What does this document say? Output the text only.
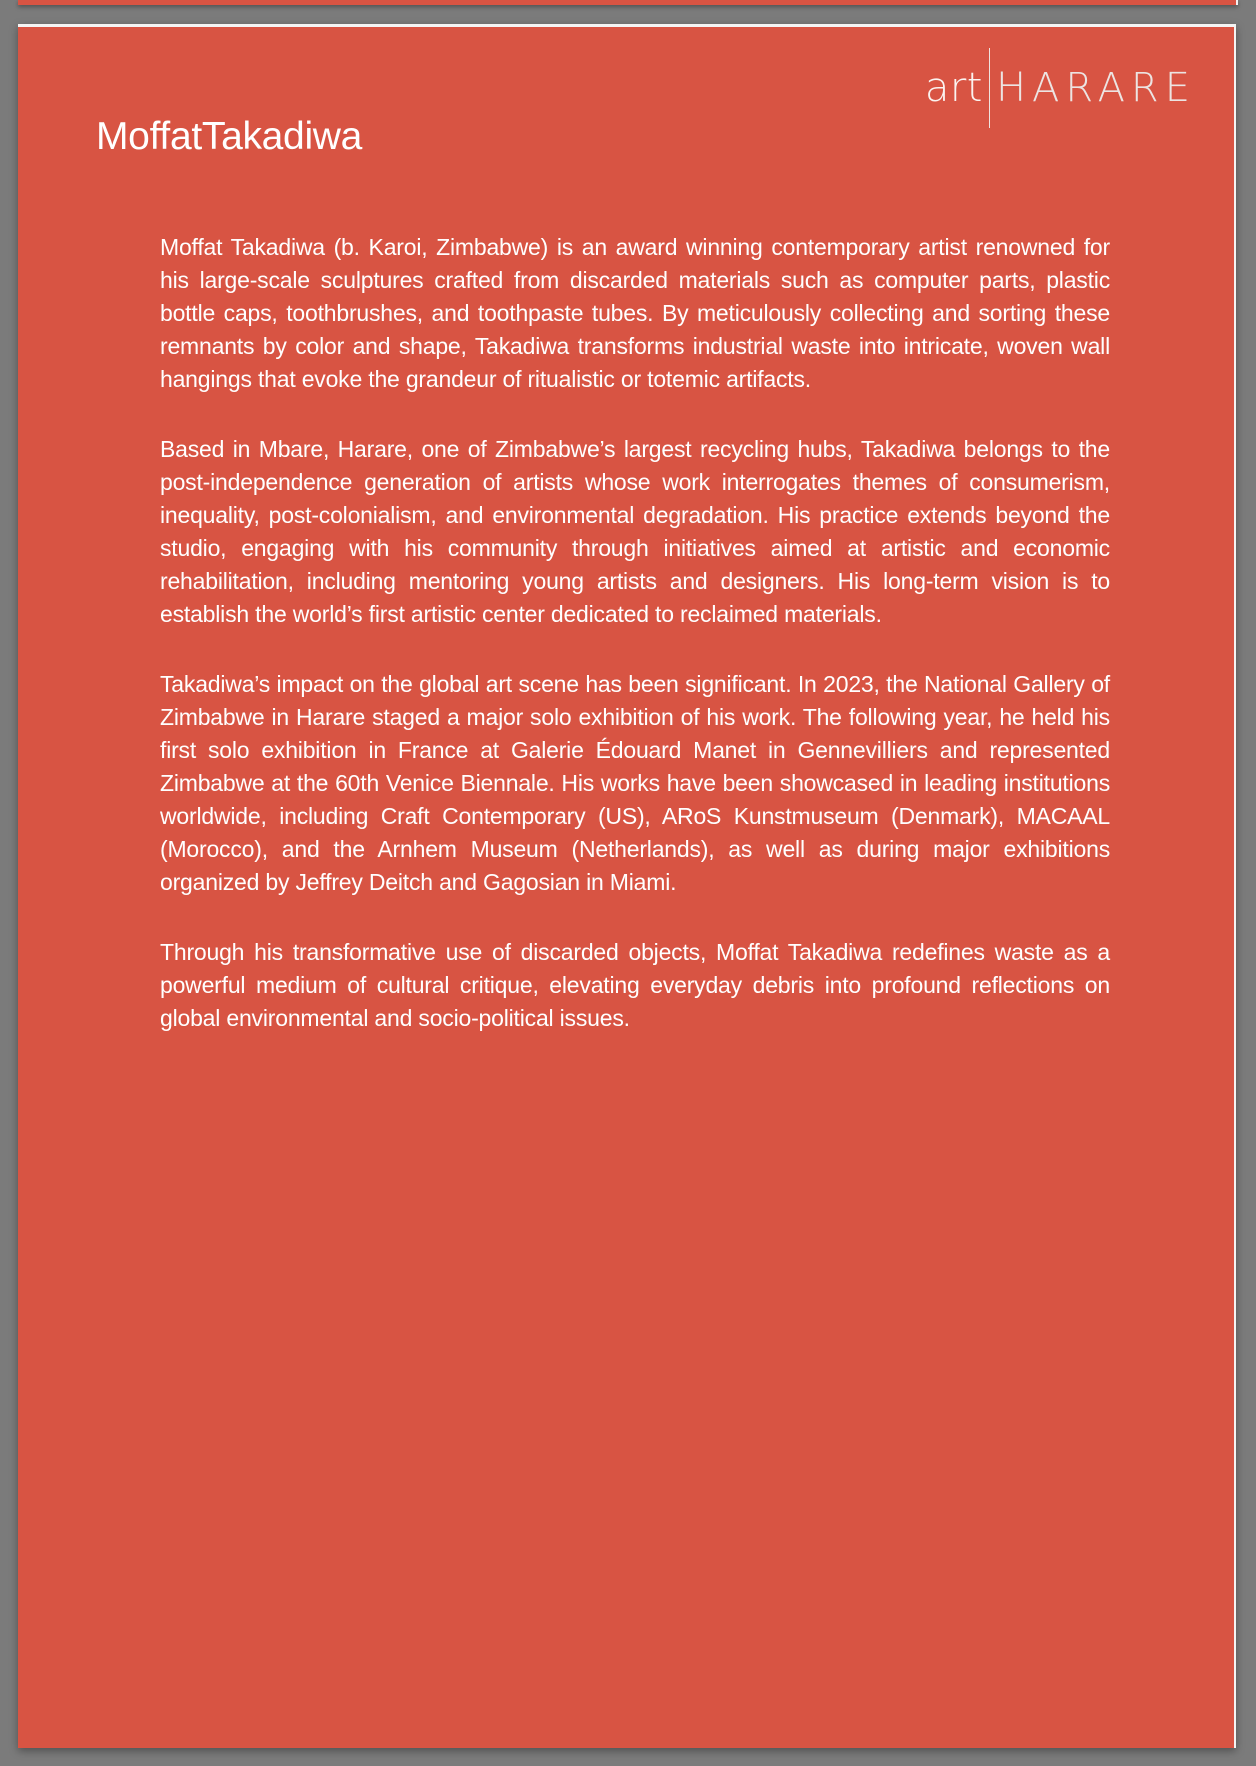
art HARARE
MoffatTakadiwa

Moffat Takadiwa (b. Karoi, Zimbabwe) is an award winning contemporary artist renowned for his large-scale sculptures crafted from discarded materials such as computer parts, plastic bottle caps, toothbrushes, and toothpaste tubes. By meticulously collecting and sorting these remnants by color and shape, Takadiwa transforms industrial waste into intricate, woven wall hangings that evoke the grandeur of ritualistic or totemic artifacts.

Based in Mbare, Harare, one of Zimbabwe’s largest recycling hubs, Takadiwa belongs to the post-independence generation of artists whose work interrogates themes of consumerism, inequality, post-colonialism, and environmental degradation. His practice extends beyond the studio, engaging with his community through initiatives aimed at artistic and economic rehabilitation, including mentoring young artists and designers. His long-term vision is to establish the world’s first artistic center dedicated to reclaimed materials.

Takadiwa’s impact on the global art scene has been significant. In 2023, the National Gallery of Zimbabwe in Harare staged a major solo exhibition of his work. The following year, he held his first solo exhibition in France at Galerie Édouard Manet in Gennevilliers and represented Zimbabwe at the 60th Venice Biennale. His works have been showcased in leading institutions worldwide, including Craft Contemporary (US), ARoS Kunstmuseum (Denmark), MACAAL (Morocco), and the Arnhem Museum (Netherlands), as well as during major exhibitions organized by Jeffrey Deitch and Gagosian in Miami.

Through his transformative use of discarded objects, Moffat Takadiwa redefines waste as a powerful medium of cultural critique, elevating everyday debris into profound reflections on global environmental and socio-political issues.
